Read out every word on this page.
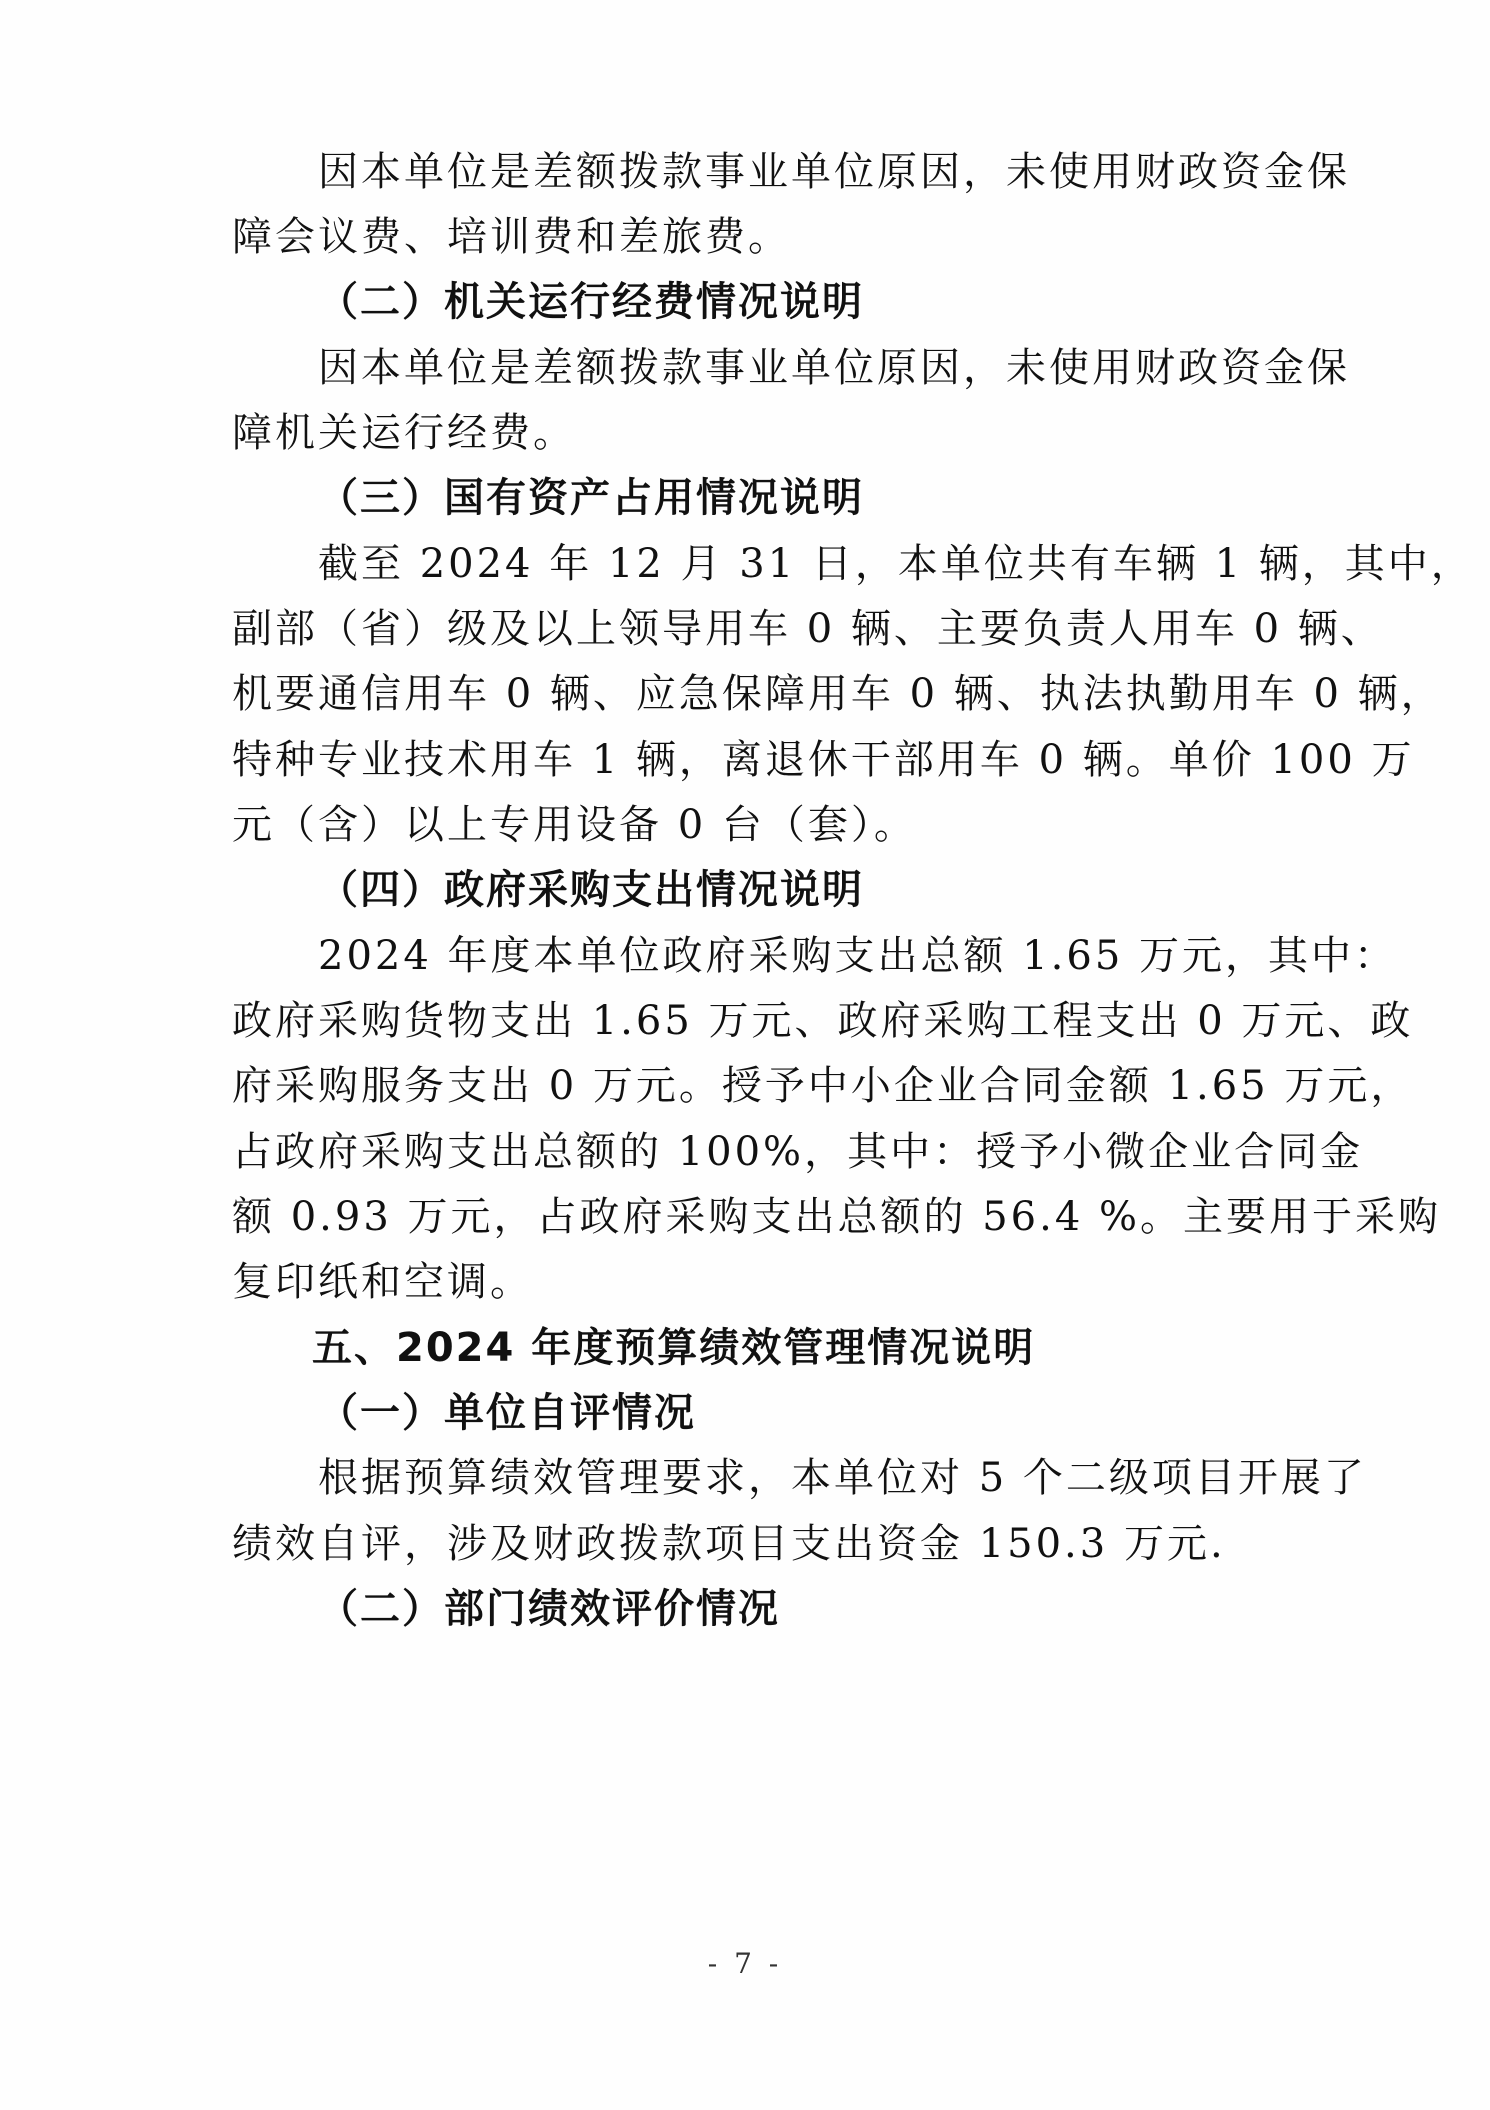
因本单位是差额拨款事业单位原因，未使用财政资金保

障会议费、培训费和差旅费。

（二）机关运行经费情况说明

因本单位是差额拨款事业单位原因，未使用财政资金保

障机关运行经费。

（三）国有资产占用情况说明

截至 2024 年 12 月 31 日，本单位共有车辆 1 辆，其中，

副部（省）级及以上领导用车 0 辆、主要负责人用车 0 辆、

机要通信用车 0 辆、应急保障用车 0 辆、执法执勤用车 0 辆，

特种专业技术用车 1 辆，离退休干部用车 0 辆。单价 100 万

元（含）以上专用设备 0 台（套）。

（四）政府采购支出情况说明

2024 年度本单位政府采购支出总额 1.65 万元，其中：

政府采购货物支出 1.65 万元、政府采购工程支出 0 万元、政

府采购服务支出 0 万元。授予中小企业合同金额 1.65 万元，

占政府采购支出总额的 100%，其中：授予小微企业合同金

额 0.93 万元，占政府采购支出总额的 56.4 %。主要用于采购

复印纸和空调。

五、2024 年度预算绩效管理情况说明
（一）单位自评情况

根据预算绩效管理要求，本单位对 5 个二级项目开展了

绩效自评，涉及财政拨款项目支出资金 150.3 万元.

（二）部门绩效评价情况
- 7 -
